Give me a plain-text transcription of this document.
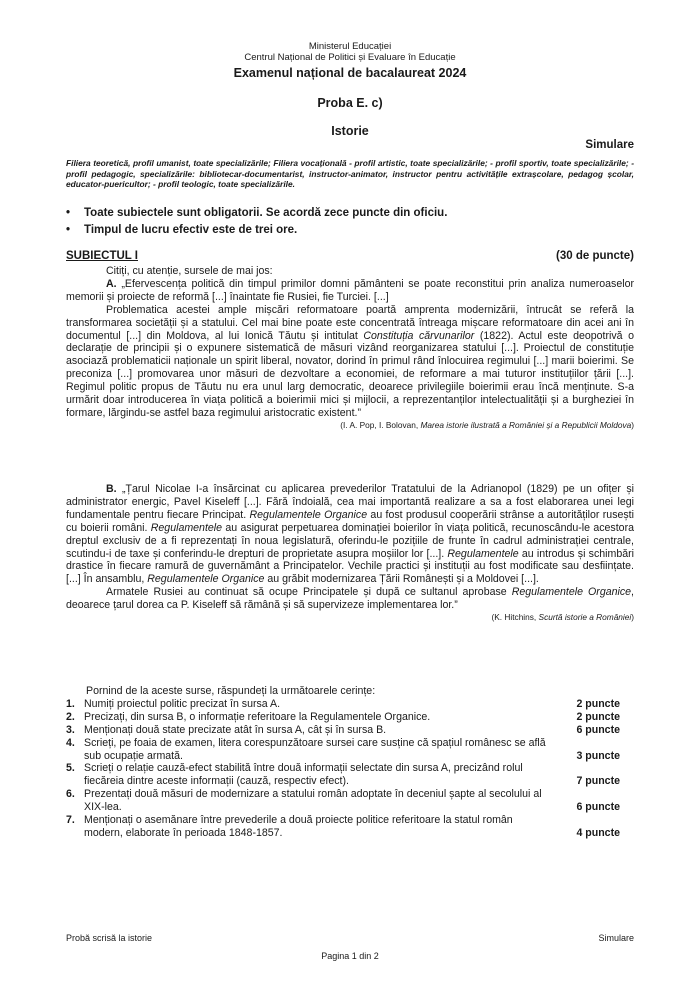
Ministerul Educației
Centrul Național de Politici și Evaluare în Educație
Examenul național de bacalaureat 2024
Proba E. c)
Istorie
Simulare
Filiera teoretică, profil umanist, toate specializările; Filiera vocațională - profil artistic, toate specializările; - profil sportiv, toate specializările; - profil pedagogic, specializările: bibliotecar-documentarist, instructor-animator, instructor pentru activitățile extrașcolare, pedagog școlar, educator-puericultor; - profil teologic, toate specializările.
• Toate subiectele sunt obligatorii. Se acordă zece puncte din oficiu.
• Timpul de lucru efectiv este de trei ore.
SUBIECTUL I	(30 de puncte)

Citiți, cu atenție, sursele de mai jos:

A. „Efervescența politică din timpul primilor domni pământeni se poate reconstitui prin analiza numeroaselor memorii și proiecte de reformă [...] înaintate fie Rusiei, fie Turciei. [...]

Problematica acestei ample mișcări reformatoare poartă amprenta modernizării, întrucât se referă la transformarea societății și a statului. Cel mai bine poate este concentrată întreaga mișcare reformatoare din acei ani în documentul [...] din Moldova, al lui Ionică Tăutu și intitulat Constituția cărvunarilor (1822). Actul este deopotrivă o declarație de principii și o expunere sistematică de măsuri vizând reorganizarea statului [...]. Proiectul de constituție asociază problematicii naționale un spirit liberal, novator, dorind în primul rând înlocuirea regimului [...] marii boierimi. Se preconiza [...] promovarea unor măsuri de dezvoltare a economiei, de reformare a mai tuturor instituțiilor țării [...]. Regimul politic propus de Tăutu nu era unul larg democratic, deoarece privilegiile boierimii erau încă menținute. S-a urmărit doar introducerea în viața politică a boierimii mici și mijlocii, a reprezentanților intelectualității și a burgheziei în formare, lărgindu-se astfel baza regimului aristocratic existent.”

(I. A. Pop, I. Bolovan, Marea istorie ilustrată a României și a Republicii Moldova)

B. „Țarul Nicolae I-a însărcinat cu aplicarea prevederilor Tratatului de la Adrianopol (1829) pe un ofițer și administrator energic, Pavel Kiseleff [...]. Fără îndoială, cea mai importantă realizare a sa a fost elaborarea unei legi fundamentale pentru fiecare Principat. Regulamentele Organice au fost produsul cooperării strânse a autorităților rusești cu boierii români. Regulamentele au asigurat perpetuarea dominației boierilor în viața politică, recunoscându-le acestora dreptul exclusiv de a fi reprezentați în noua legislatură, oferindu-le pozițiile de frunte în cadrul administrației centrale, scutindu-i de taxe și conferindu-le drepturi de proprietate asupra moșiilor lor [...]. Regulamentele au introdus și schimbări drastice în fiecare ramură de guvernământ a Principatelor. Vechile practici și instituții au fost modificate sau desființate. [...] În ansamblu, Regulamentele Organice au grăbit modernizarea Țării Românești și a Moldovei [...].

Armatele Rusiei au continuat să ocupe Principatele și după ce sultanul aprobase Regulamentele Organice, deoarece țarul dorea ca P. Kiseleff să rămână și să supervizeze implementarea lor.”

(K. Hitchins, Scurtă istorie a României)
Pornind de la aceste surse, răspundeți la următoarele cerințe:
1. Numiți proiectul politic precizat în sursa A.	2 puncte
2. Precizați, din sursa B, o informație referitoare la Regulamentele Organice.	2 puncte
3. Menționați două state precizate atât în sursa A, cât și în sursa B.	6 puncte
4. Scrieți, pe foaia de examen, litera corespunzătoare sursei care susține că spațiul românesc se află sub ocupație armată.	3 puncte
5. Scrieți o relație cauză-efect stabilită între două informații selectate din sursa A, precizând rolul fiecăreia dintre aceste informații (cauză, respectiv efect).	7 puncte
6. Prezentați două măsuri de modernizare a statului român adoptate în deceniul șapte al secolului al XIX-lea.	6 puncte
7. Menționați o asemănare între prevederile a două proiecte politice referitoare la statul român modern, elaborate în perioada 1848-1857.	4 puncte
Probă scrisă la istorie	Simulare
Pagina 1 din 2
